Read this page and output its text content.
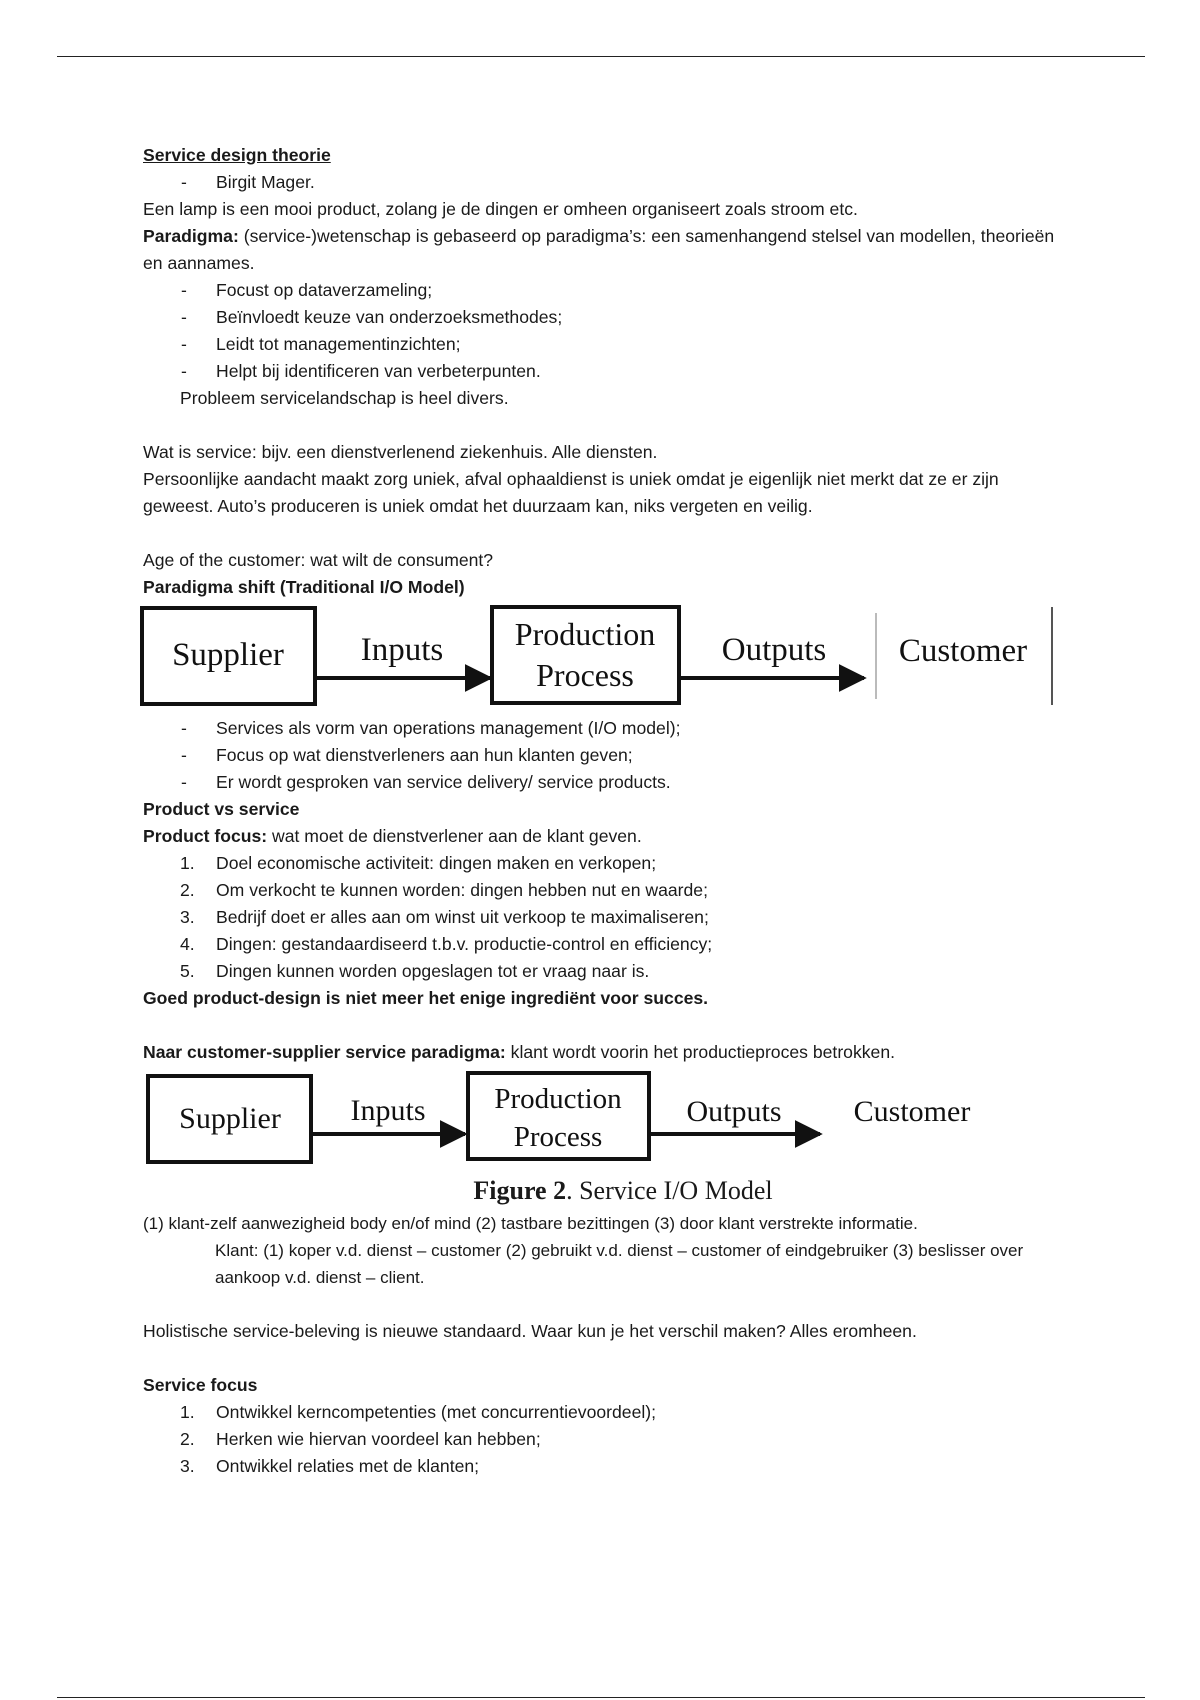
Service design theorie
- Birgit Mager.
Een lamp is een mooi product, zolang je de dingen er omheen organiseert zoals stroom etc.
Paradigma: (service-)wetenschap is gebaseerd op paradigma’s: een samenhangend stelsel van modellen, theorieën en aannames.
- Focust op dataverzameling;
- Beïnvloedt keuze van onderzoeksmethodes;
- Leidt tot managementinzichten;
- Helpt bij identificeren van verbeterpunten.
Probleem servicelandschap is heel divers.
Wat is service: bijv. een dienstverlenend ziekenhuis. Alle diensten.
Persoonlijke aandacht maakt zorg uniek, afval ophaaldienst is uniek omdat je eigenlijk niet merkt dat ze er zijn geweest. Auto’s produceren is uniek omdat het duurzaam kan, niks vergeten en veilig.
Age of the customer: wat wilt de consument?
Paradigma shift (Traditional I/O Model)
Supplier Inputs Production
Process
Outputs Customer
- Services als vorm van operations management (I/O model);
- Focus op wat dienstverleners aan hun klanten geven;
- Er wordt gesproken van service delivery/ service products.
Product vs service
Product focus: wat moet de dienstverlener aan de klant geven.
1. Doel economische activiteit: dingen maken en verkopen;
2. Om verkocht te kunnen worden: dingen hebben nut en waarde;
3. Bedrijf doet er alles aan om winst uit verkoop te maximaliseren;
4. Dingen: gestandaardiseerd t.b.v. productie-control en efficiency;
5. Dingen kunnen worden opgeslagen tot er vraag naar is.
Goed product-design is niet meer het enige ingrediënt voor succes.
Naar customer-supplier service paradigma: klant wordt voorin het productieproces betrokken.
Supplier Inputs Production
Process
Outputs Customer
Figure 2. Service I/O Model
(1) klant-zelf aanwezigheid body en/of mind (2) tastbare bezittingen (3) door klant verstrekte informatie.
Klant: (1) koper v.d. dienst – customer (2) gebruikt v.d. dienst – customer of eindgebruiker (3) beslisser over aankoop v.d. dienst – client.
Holistische service-beleving is nieuwe standaard. Waar kun je het verschil maken? Alles eromheen.
Service focus
1. Ontwikkel kerncompetenties (met concurrentievoordeel);
2. Herken wie hiervan voordeel kan hebben;
3. Ontwikkel relaties met de klanten;
